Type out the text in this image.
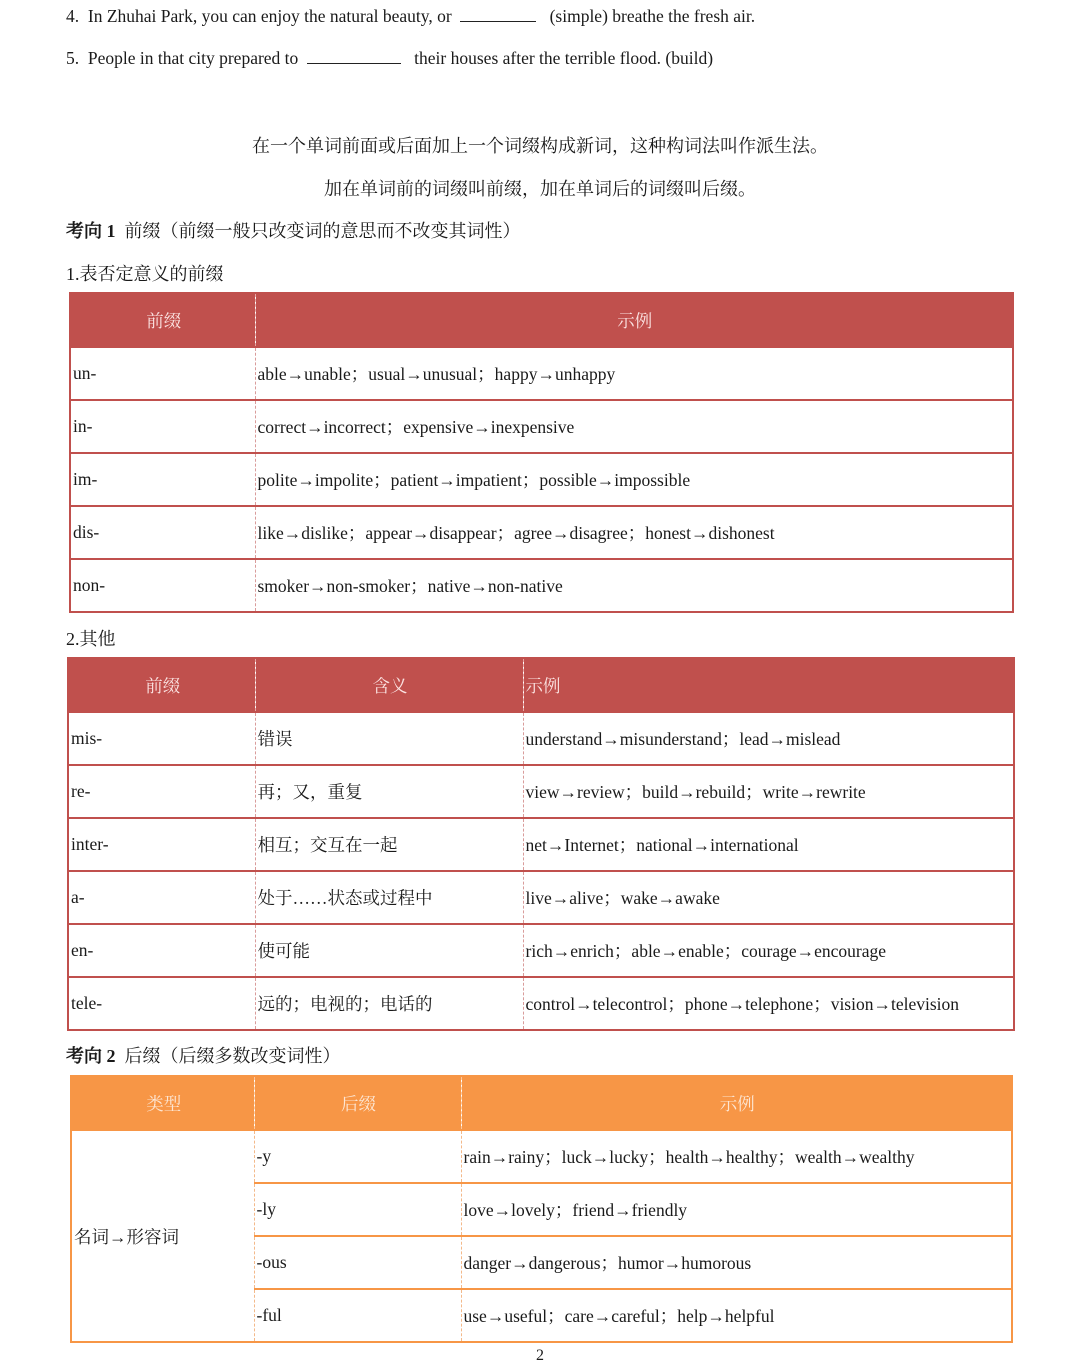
4. In Zhuhai Park, you can enjoy the natural beauty, or	(simple) breathe the fresh air.
5. People in that city prepared to	their houses after the terrible flood. (build)
在一个单词前面或后面加上一个词缀构成新词，这种构词法叫作派生法。
加在单词前的词缀叫前缀，加在单词后的词缀叫后缀。
考向 1 前缀（前缀一般只改变词的意思而不改变其词性）
1.表否定意义的前缀
前缀	示例
un-	able→unable；usual→unusual；happy→unhappy
in-	correct→incorrect；expensive→inexpensive
im-	polite→impolite；patient→impatient；possible→impossible
dis-	like→dislike；appear→disappear；agree→disagree；honest→dishonest
non-	smoker→non-smoker；native→non-native
2.其他
前缀	含义	示例
mis-	错误	understand→misunderstand；lead→mislead
re-	再；又，重复	view→review；build→rebuild；write→rewrite
inter-	相互；交互在一起	net→Internet；national→international
a-	处于……状态或过程中	live→alive；wake→awake
en-	使可能	rich→enrich；able→enable；courage→encourage
tele-	远的；电视的；电话的	control→telecontrol；phone→telephone；vision→television
考向 2 后缀（后缀多数改变词性）
类型	后缀	示例
名词→形容词	-y	rain→rainy；luck→lucky；health→healthy；wealth→wealthy
	-ly	love→lovely；friend→friendly
	-ous	danger→dangerous；humor→humorous
	-ful	use→useful；care→careful；help→helpful
2
